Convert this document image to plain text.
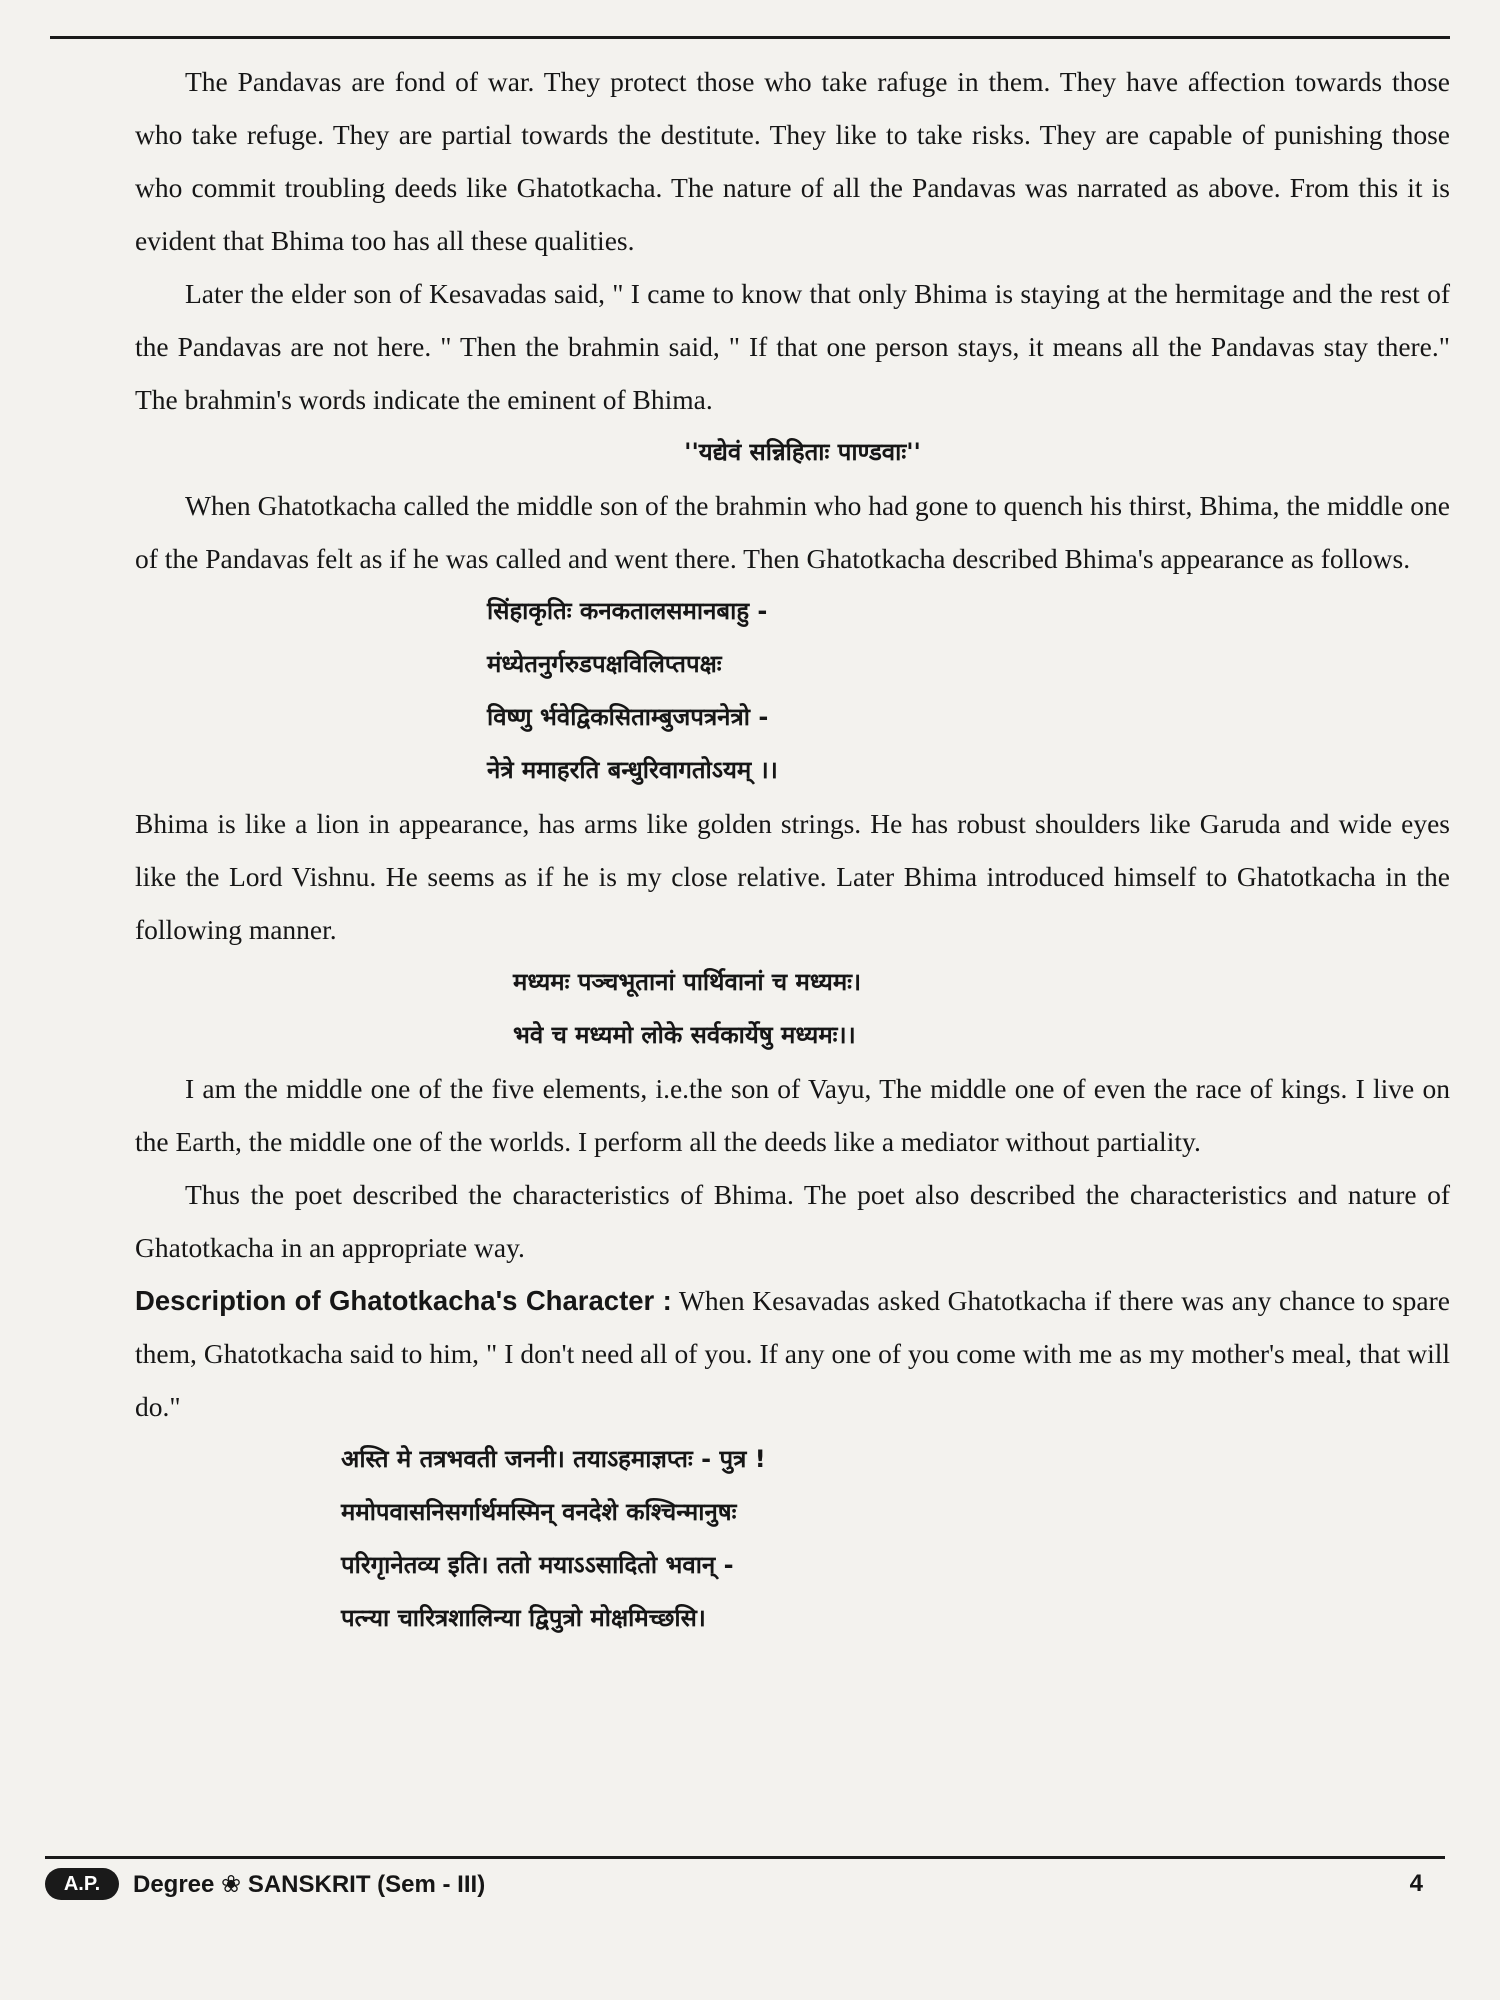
The Pandavas are fond of war. They protect those who take rafuge in them. They have affection towards those who take refuge. They are partial towards the destitute. They like to take risks. They are capable of punishing those who commit troubling deeds like Ghatotkacha. The nature of all the Pandavas was narrated as above. From this it is evident that Bhima too has all these qualities.

Later the elder son of Kesavadas said, " I came to know that only Bhima is staying at the hermitage and the rest of the Pandavas are not here. " Then the brahmin said, " If that one person stays, it means all the Pandavas stay there." The brahmin's words indicate the eminent of Bhima.

''यद्येवं सन्निहिताः पाण्डवाः''

When Ghatotkacha called the middle son of the brahmin who had gone to quench his thirst, Bhima, the middle one of the Pandavas felt as if he was called and went there. Then Ghatotkacha described Bhima's appearance as follows.

सिंहाकृतिः कनकतालसमानबाहु -
मंध्येतनुर्गरुडपक्षविलिप्तपक्षः
विष्णु र्भवेद्विकसिताम्बुजपत्रनेत्रो -
नेत्रे ममाहरति बन्धुरिवागतोऽयम् ।।

Bhima is like a lion in appearance, has arms like golden strings. He has robust shoulders like Garuda and wide eyes like the Lord Vishnu. He seems as if he is my close relative. Later Bhima introduced himself to Ghatotkacha in the following manner.

मध्यमः पञ्चभूतानां पार्थिवानां च मध्यमः।
भवे च मध्यमो लोके सर्वकार्येषु मध्यमः।।

I am the middle one of the five elements, i.e.the son of Vayu, The middle one of even the race of kings. I live on the Earth, the middle one of the worlds. I perform all the deeds like a mediator without partiality.

Thus the poet described the characteristics of Bhima. The poet also described the characteristics and nature of Ghatotkacha in an appropriate way.

Description of Ghatotkacha's Character : When Kesavadas asked Ghatotkacha if there was any chance to spare them, Ghatotkacha said to him, " I don't need all of you. If any one of you come with me as my mother's meal, that will do."

अस्ति मे तत्रभवती जननी। तयाऽहमाज्ञप्तः - पुत्र !
ममोपवासनिसर्गार्थमस्मिन् वनदेशे कश्चिन्मानुषः
परिगृानेतव्य इति। ततो मयाऽऽसादितो भवान् -
पत्न्या चारित्रशालिन्या द्विपुत्रो मोक्षमिच्छसि।
A.P.	Degree ❀ SANSKRIT (Sem - III)	4
